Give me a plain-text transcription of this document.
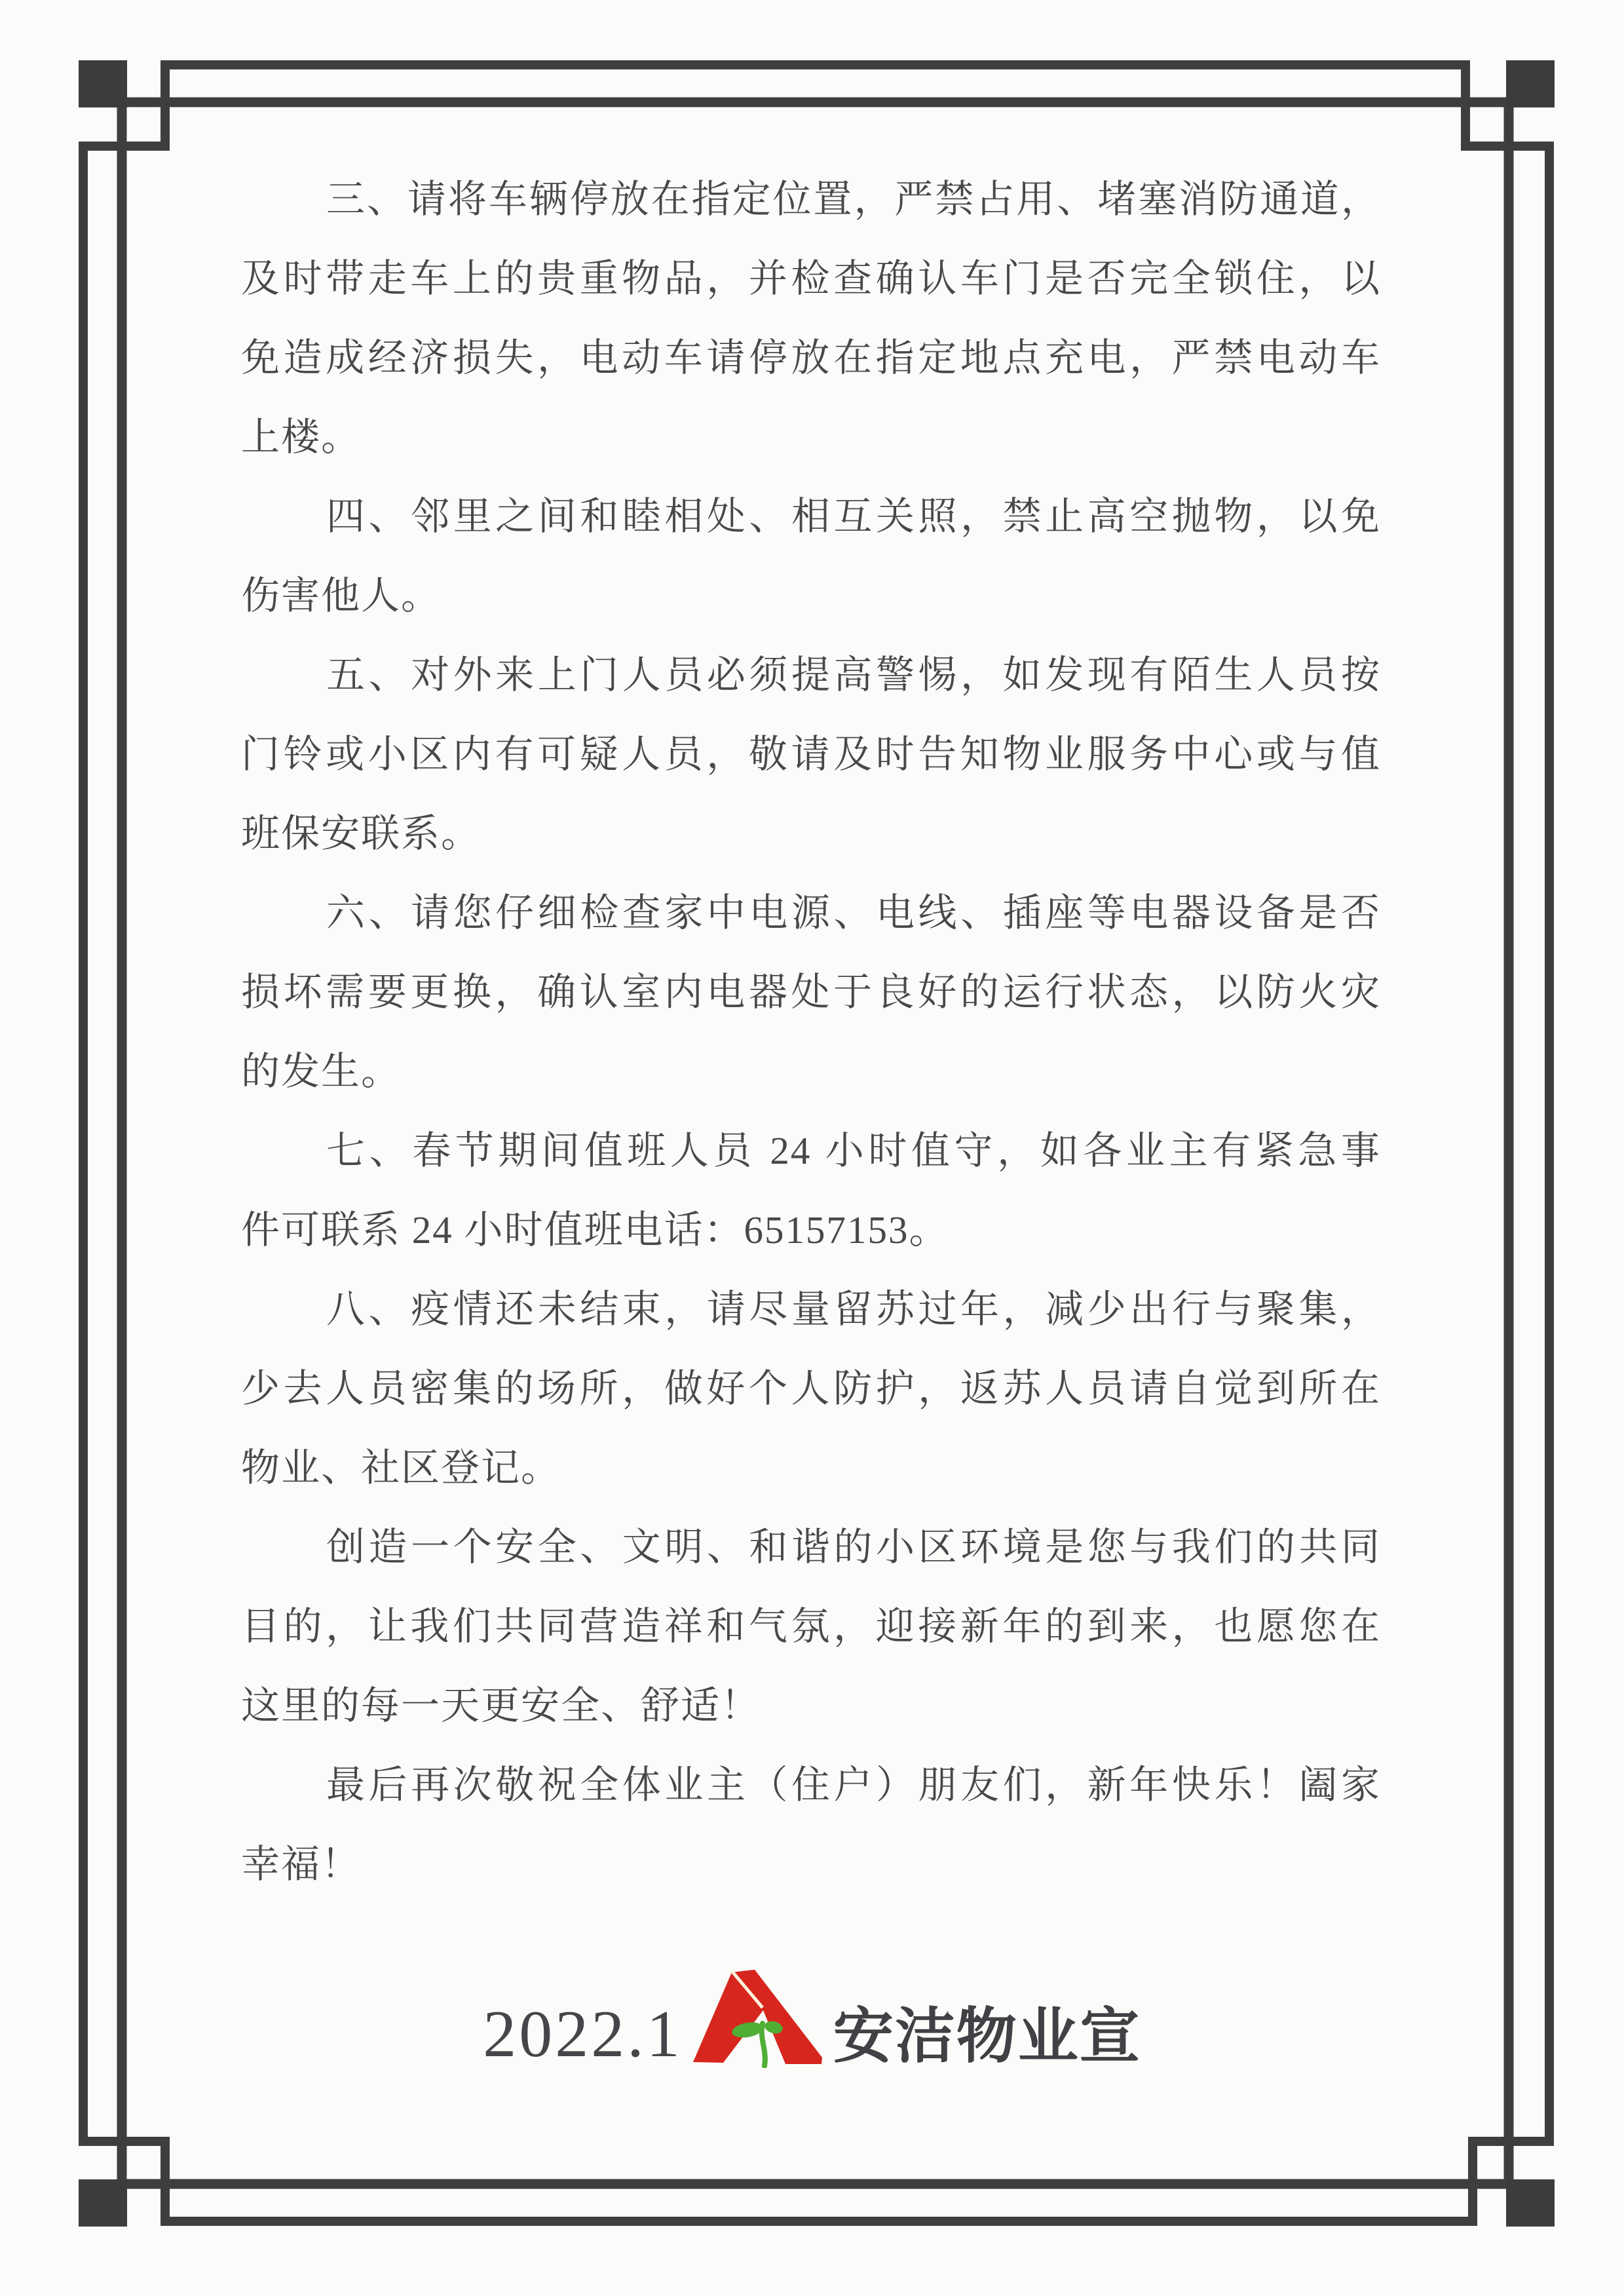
三、请将车辆停放在指定位置，严禁占用、堵塞消防通道，
及时带走车上的贵重物品，并检查确认车门是否完全锁住，以
免造成经济损失，电动车请停放在指定地点充电，严禁电动车
上楼。
四、邻里之间和睦相处、相互关照，禁止高空抛物，以免
伤害他人。
五、对外来上门人员必须提高警惕，如发现有陌生人员按
门铃或小区内有可疑人员，敬请及时告知物业服务中心或与值
班保安联系。
六、请您仔细检查家中电源、电线、插座等电器设备是否
损坏需要更换，确认室内电器处于良好的运行状态，以防火灾
的发生。
七、春节期间值班人员 24 小时值守，如各业主有紧急事
件可联系 24 小时值班电话：65157153。
八、疫情还未结束，请尽量留苏过年，减少出行与聚集，
少去人员密集的场所，做好个人防护，返苏人员请自觉到所在
物业、社区登记。
创造一个安全、文明、和谐的小区环境是您与我们的共同
目的，让我们共同营造祥和气氛，迎接新年的到来，也愿您在
这里的每一天更安全、舒适！
最后再次敬祝全体业主（住户）朋友们，新年快乐！阖家
幸福！
2022.1	安洁物业宣
